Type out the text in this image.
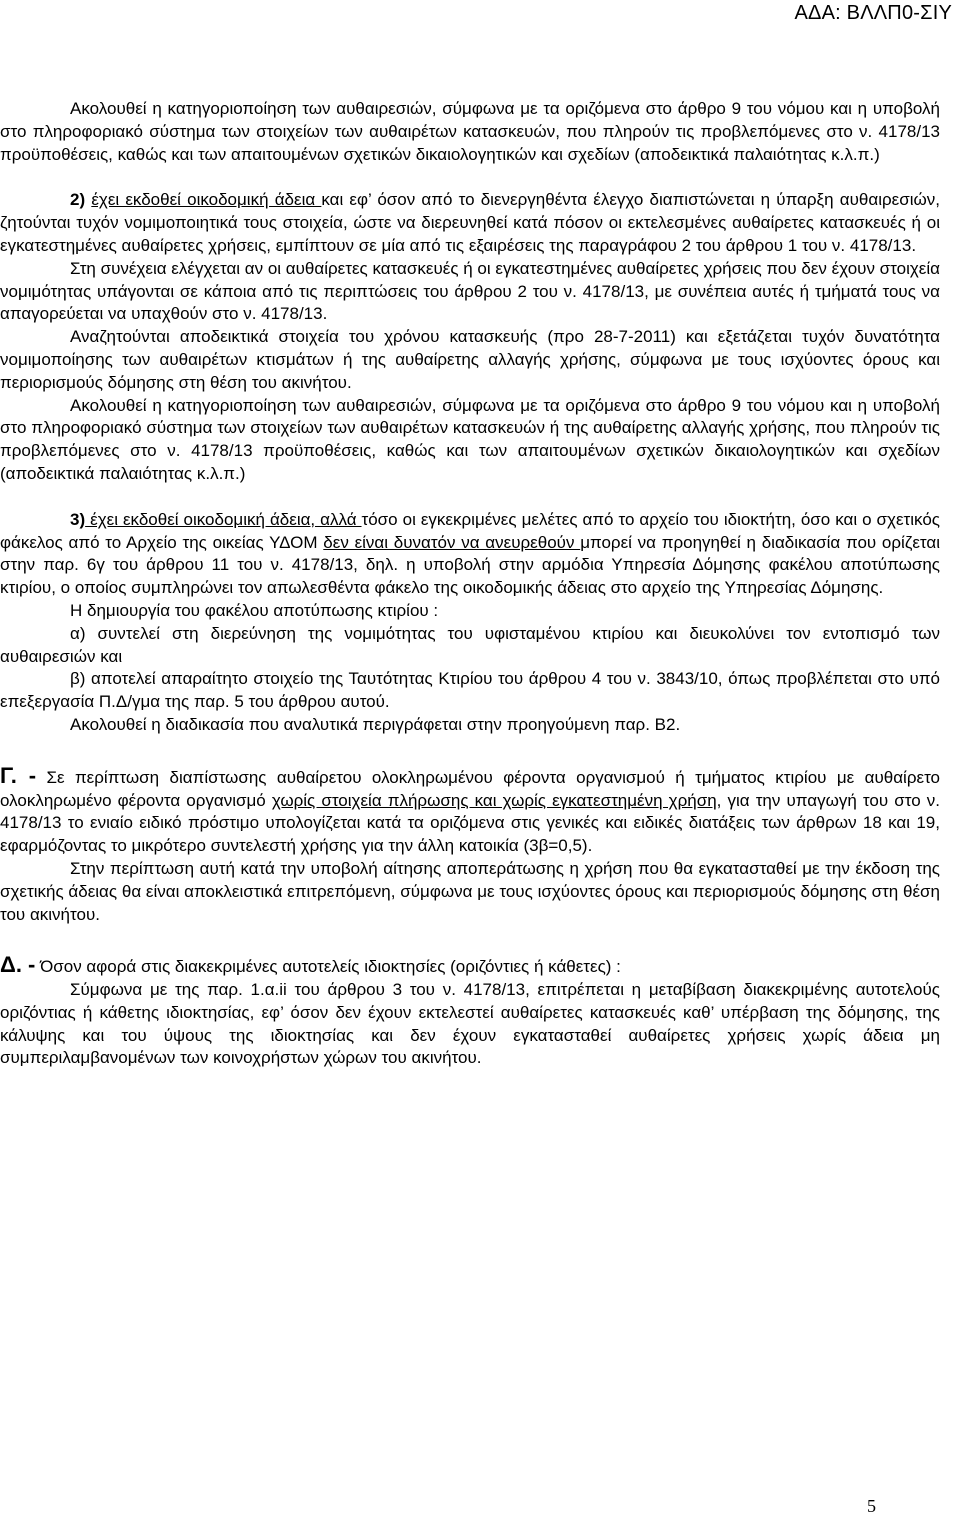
ΑΔΑ: ΒΛΛΠ0-ΣΙΥ

Ακολουθεί η κατηγοριοποίηση των αυθαιρεσιών, σύμφωνα με τα οριζόμενα στο άρθρο 9 του νόμου και η υποβολή στο πληροφοριακό σύστημα των στοιχείων των αυθαιρέτων κατασκευών, που πληρούν τις προβλεπόμενες στο ν. 4178/13 προϋποθέσεις, καθώς και των απαιτουμένων σχετικών δικαιολογητικών και σχεδίων (αποδεικτικά παλαιότητας κ.λ.π.)

2) έχει εκδοθεί οικοδομική άδεια και εφ’ όσον από το διενεργηθέντα έλεγχο διαπιστώνεται η ύπαρξη αυθαιρεσιών, ζητούνται τυχόν νομιμοποιητικά τους στοιχεία, ώστε να διερευνηθεί κατά πόσον οι εκτελεσμένες αυθαίρετες κατασκευές ή οι εγκατεστημένες αυθαίρετες χρήσεις, εμπίπτουν σε μία από τις εξαιρέσεις της παραγράφου 2 του άρθρου 1 του ν. 4178/13.

Στη συνέχεια ελέγχεται αν οι αυθαίρετες κατασκευές ή οι εγκατεστημένες αυθαίρετες χρήσεις που δεν έχουν στοιχεία νομιμότητας υπάγονται σε κάποια από τις περιπτώσεις του άρθρου 2 του ν. 4178/13, με συνέπεια αυτές ή τμήματά τους να απαγορεύεται να υπαχθούν στο ν. 4178/13.

Αναζητούνται αποδεικτικά στοιχεία του χρόνου κατασκευής (προ 28-7-2011) και εξετάζεται τυχόν δυνατότητα νομιμοποίησης των αυθαιρέτων κτισμάτων ή της αυθαίρετης αλλαγής χρήσης, σύμφωνα με τους ισχύοντες όρους και περιορισμούς δόμησης στη θέση του ακινήτου.

Ακολουθεί η κατηγοριοποίηση των αυθαιρεσιών, σύμφωνα με τα οριζόμενα στο άρθρο 9 του νόμου και η υποβολή στο πληροφοριακό σύστημα των στοιχείων των αυθαιρέτων κατασκευών ή της αυθαίρετης αλλαγής χρήσης, που πληρούν τις προβλεπόμενες στο ν. 4178/13 προϋποθέσεις, καθώς και των απαιτουμένων σχετικών δικαιολογητικών και σχεδίων (αποδεικτικά παλαιότητας κ.λ.π.)

3) έχει εκδοθεί οικοδομική άδεια, αλλά τόσο οι εγκεκριμένες μελέτες από το αρχείο του ιδιοκτήτη, όσο και ο σχετικός φάκελος από το Αρχείο της οικείας ΥΔΟΜ δεν είναι δυνατόν να ανευρεθούν μπορεί να προηγηθεί η διαδικασία που ορίζεται στην παρ. 6γ του άρθρου 11 του ν. 4178/13, δηλ. η υποβολή στην αρμόδια Υπηρεσία Δόμησης φακέλου αποτύπωσης κτιρίου, ο οποίος συμπληρώνει τον απωλεσθέντα φάκελο της οικοδομικής άδειας στο αρχείο της Υπηρεσίας Δόμησης.

Η δημιουργία του φακέλου αποτύπωσης κτιρίου :

α) συντελεί στη διερεύνηση της νομιμότητας του υφισταμένου κτιρίου και διευκολύνει τον εντοπισμό των αυθαιρεσιών και

β) αποτελεί απαραίτητο στοιχείο της Ταυτότητας Κτιρίου του άρθρου 4 του ν. 3843/10, όπως προβλέπεται στο υπό επεξεργασία Π.Δ/γμα της παρ. 5 του άρθρου αυτού.

Ακολουθεί η διαδικασία που αναλυτικά περιγράφεται στην προηγούμενη παρ. Β2.

Γ. - Σε περίπτωση διαπίστωσης αυθαίρετου ολοκληρωμένου φέροντα οργανισμού ή τμήματος κτιρίου με αυθαίρετο ολοκληρωμένο φέροντα οργανισμό χωρίς στοιχεία πλήρωσης και χωρίς εγκατεστημένη χρήση, για την υπαγωγή του στο ν. 4178/13 το ενιαίο ειδικό πρόστιμο υπολογίζεται κατά τα οριζόμενα στις γενικές και ειδικές διατάξεις των άρθρων 18 και 19, εφαρμόζοντας το μικρότερο συντελεστή χρήσης για την άλλη κατοικία (3β=0,5).

Στην περίπτωση αυτή κατά την υποβολή αίτησης αποπεράτωσης η χρήση που θα εγκατασταθεί με την έκδοση της σχετικής άδειας θα είναι αποκλειστικά επιτρεπόμενη, σύμφωνα με τους ισχύοντες όρους και περιορισμούς δόμησης στη θέση του ακινήτου.

Δ. - Όσον αφορά στις διακεκριμένες αυτοτελείς ιδιοκτησίες (οριζόντιες ή κάθετες) :

Σύμφωνα με της παρ. 1.α.ii του άρθρου 3 του ν. 4178/13, επιτρέπεται η μεταβίβαση διακεκριμένης αυτοτελούς οριζόντιας ή κάθετης ιδιοκτησίας, εφ’ όσον δεν έχουν εκτελεστεί αυθαίρετες κατασκευές καθ’ υπέρβαση της δόμησης, της κάλυψης και του ύψους της ιδιοκτησίας και δεν έχουν εγκατασταθεί αυθαίρετες χρήσεις χωρίς άδεια μη συμπεριλαμβανομένων των κοινοχρήστων χώρων του ακινήτου.

5
